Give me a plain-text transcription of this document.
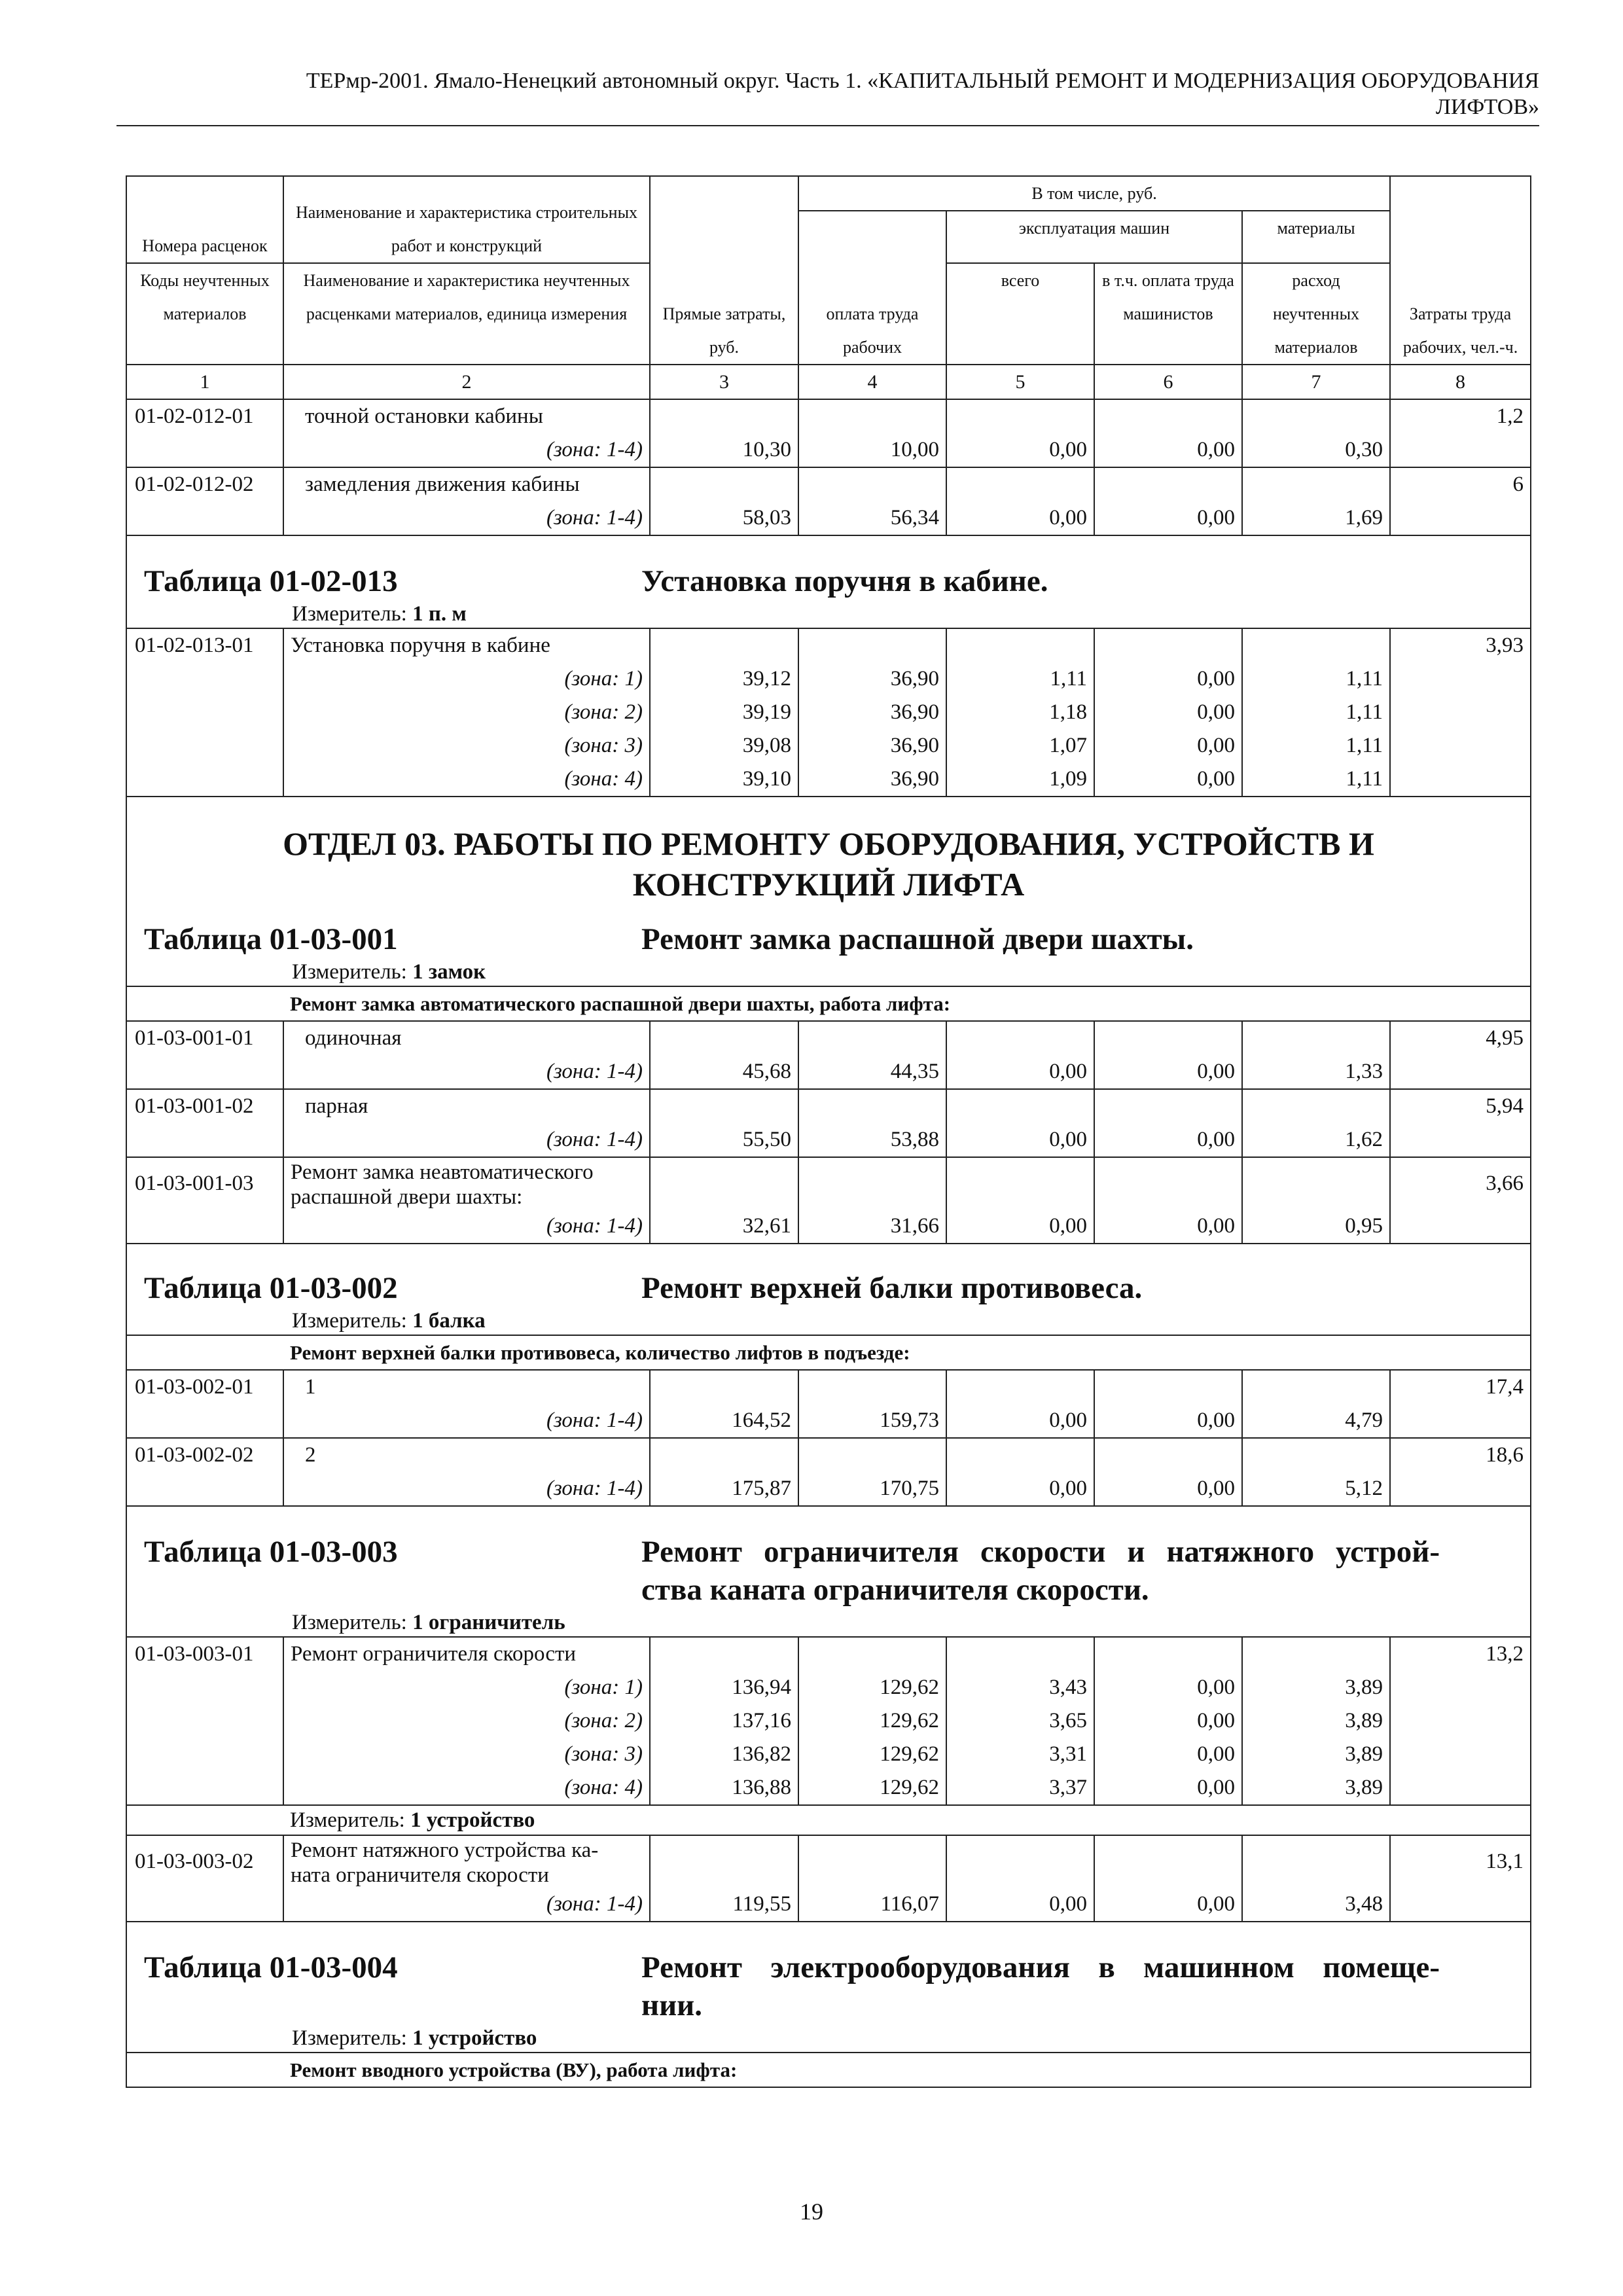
ТЕРмр-2001. Ямало-Ненецкий автономный округ. Часть 1. «КАПИТАЛЬНЫЙ РЕМОНТ И МОДЕРНИЗАЦИЯ ОБОРУДОВАНИЯ
ЛИФТОВ»
Номера расценок	Наименование и характеристика строительных работ и конструкций	Прямые затраты, руб.	В том числе, руб.				Затраты труда рабочих, чел.-ч.
			оплата труда рабочих	эксплуатация машин		материалы	
Коды неучтенных материалов	Наименование и характеристика неучтенных расценками материалов, единица измерения			всего	в т.ч. оплата труда машинистов	расход неучтенных материалов	
1	2	3	4	5	6	7	8
01-02-012-01	точной остановки кабины						1,2
	(зона: 1-4)	10,30	10,00	0,00	0,00	0,30	
01-02-012-02	замедления движения кабины						6
	(зона: 1-4)	58,03	56,34	0,00	0,00	1,69	

Таблица 01-02-013 Установка поручня в кабине.
Измеритель: 1 п. м							

01-02-013-01	Установка поручня в кабине						3,93
	(зона: 1)	39,12	36,90	1,11	0,00	1,11	
	(зона: 2)	39,19	36,90	1,18	0,00	1,11	
	(зона: 3)	39,08	36,90	1,07	0,00	1,11	
	(зона: 4)	39,10	36,90	1,09	0,00	1,11	

ОТДЕЛ 03. РАБОТЫ ПО РЕМОНТУ ОБОРУДОВАНИЯ, УСТРОЙСТВ И
КОНСТРУКЦИЙ ЛИФТА
Таблица 01-03-001 Ремонт замка распашной двери шахты.
Измеритель: 1 замок							

	Ремонт замка автоматического распашной двери шахты, работа лифта:						
01-03-001-01	одиночная						4,95
	(зона: 1-4)	45,68	44,35	0,00	0,00	1,33	
01-03-001-02	парная						5,94
	(зона: 1-4)	55,50	53,88	0,00	0,00	1,62	
01-03-001-03	Ремонт замка неавтоматического
распашной двери шахты:						3,66
	(зона: 1-4)	32,61	31,66	0,00	0,00	0,95	

Таблица 01-03-002 Ремонт верхней балки противовеса.
Измеритель: 1 балка							

	Ремонт верхней балки противовеса, количество лифтов в подъезде:						
01-03-002-01	1						17,4
	(зона: 1-4)	164,52	159,73	0,00	0,00	4,79	
01-03-002-02	2						18,6
	(зона: 1-4)	175,87	170,75	0,00	0,00	5,12	

Таблица 01-03-003 Ремонт ограничителя скорости и натяжного устрой-
ства каната ограничителя скорости.
Измеритель: 1 ограничитель							

01-03-003-01	Ремонт ограничителя скорости						13,2
	(зона: 1)	136,94	129,62	3,43	0,00	3,89	
	(зона: 2)	137,16	129,62	3,65	0,00	3,89	
	(зона: 3)	136,82	129,62	3,31	0,00	3,89	
	(зона: 4)	136,88	129,62	3,37	0,00	3,89	
	Измеритель: 1 устройство						
01-03-003-02	Ремонт натяжного устройства ка-
ната ограничителя скорости						13,1
	(зона: 1-4)	119,55	116,07	0,00	0,00	3,48	

Таблица 01-03-004 Ремонт электрооборудования в машинном помеще-
нии.
Измеритель: 1 устройство							

	Ремонт вводного устройства (ВУ), работа лифта:						
19
